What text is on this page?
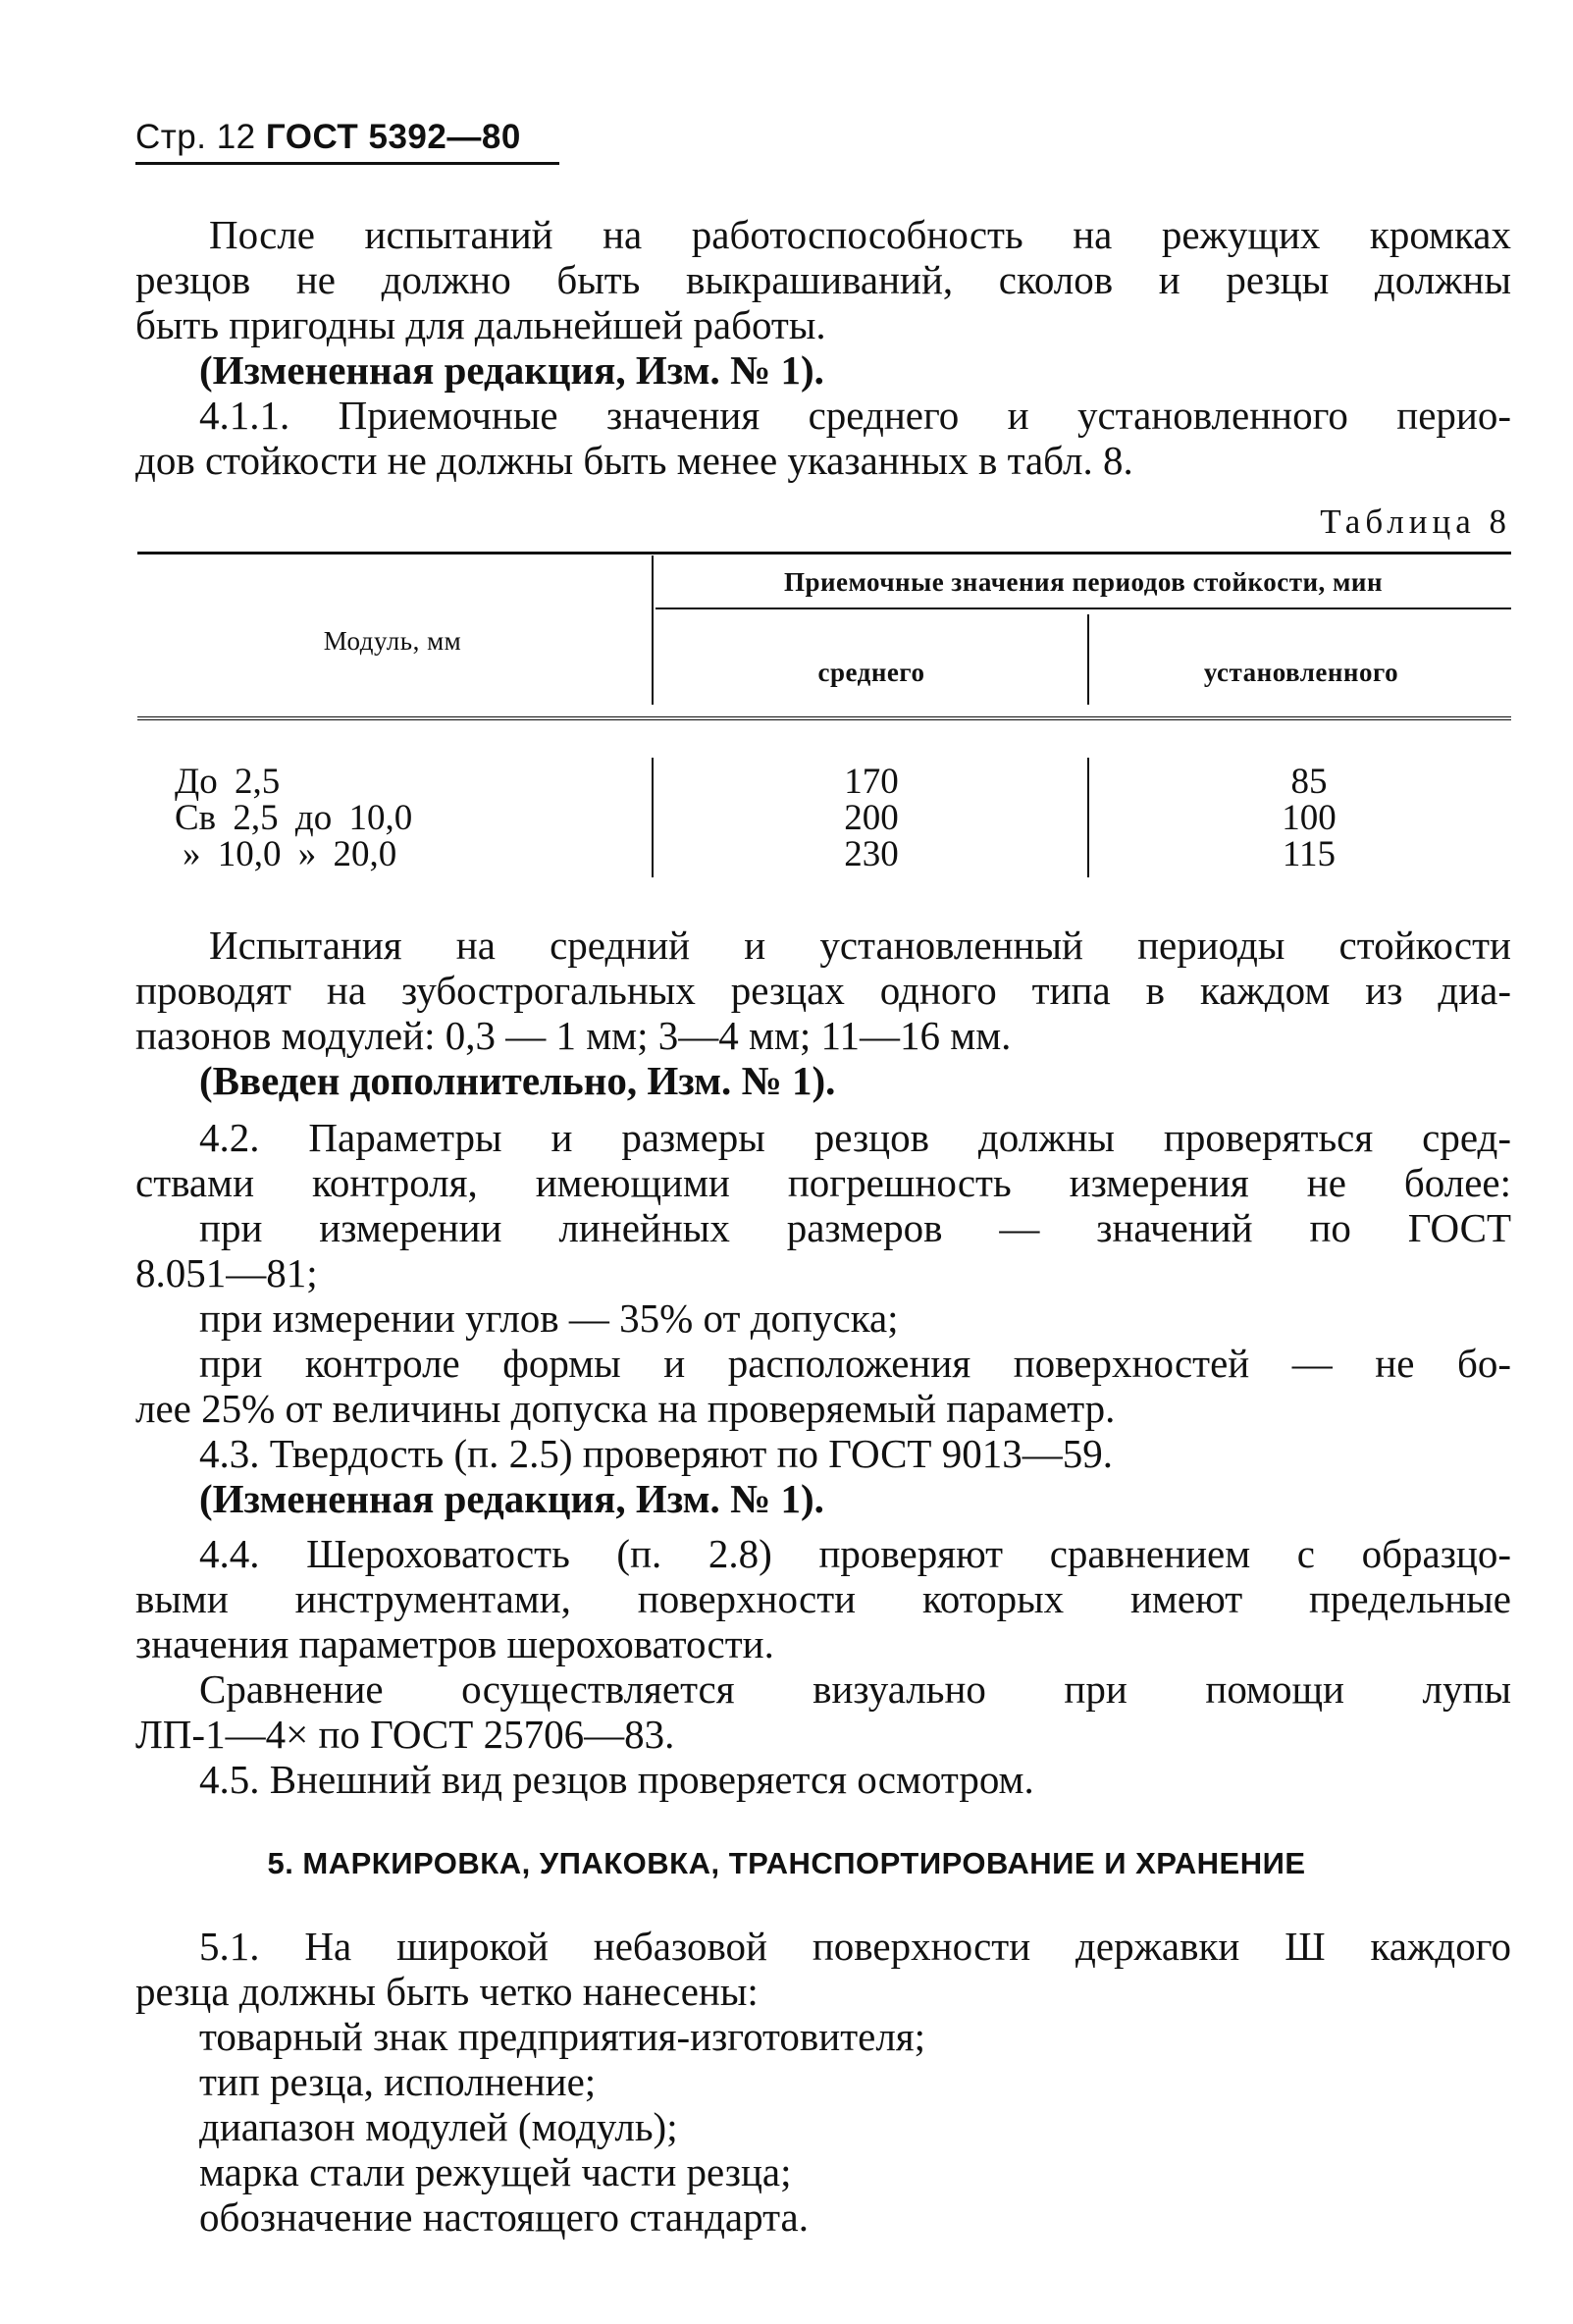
Стр. 12 ГОСТ 5392—80
После испытаний на работоспособность на режущих кромках
резцов не должно быть выкрашиваний, сколов и резцы должны
быть пригодны для дальнейшей работы.
(Измененная редакция, Изм. № 1).
4.1.1. Приемочные значения среднего и установленного перио-
дов стойкости не должны быть менее указанных в табл. 8.
Таблица 8
Модуль, мм
Приемочные значения периодов стойкости, мин
среднего	установленного
До 2,5	170	85
Св 2,5 до 10,0	200	100
» 10,0 » 20,0	230	115
Испытания на средний и установленный периоды стойкости
проводят на зубострогальных резцах одного типа в каждом из диа-
пазонов модулей: 0,3 — 1 мм; 3—4 мм; 11—16 мм.
(Введен дополнительно, Изм. № 1).
4.2. Параметры и размеры резцов должны проверяться сред-
ствами контроля, имеющими погрешность измерения не более:
при измерении линейных размеров — значений по ГОСТ
8.051—81;
при измерении углов — 35% от допуска;
при контроле формы и расположения поверхностей — не бо-
лее 25% от величины допуска на проверяемый параметр.
4.3. Твердость (п. 2.5) проверяют по ГОСТ 9013—59.
(Измененная редакция, Изм. № 1).
4.4. Шероховатость (п. 2.8) проверяют сравнением с образцо-
выми инструментами, поверхности которых имеют предельные
значения параметров шероховатости.
Сравнение осуществляется визуально при помощи лупы
ЛП-1—4× по ГОСТ 25706—83.
4.5. Внешний вид резцов проверяется осмотром.
5. МАРКИРОВКА, УПАКОВКА, ТРАНСПОРТИРОВАНИЕ И ХРАНЕНИЕ
5.1. На широкой небазовой поверхности державки Ш каждого
резца должны быть четко нанесены:
товарный знак предприятия-изготовителя;
тип резца, исполнение;
диапазон модулей (модуль);
марка стали режущей части резца;
обозначение настоящего стандарта.
